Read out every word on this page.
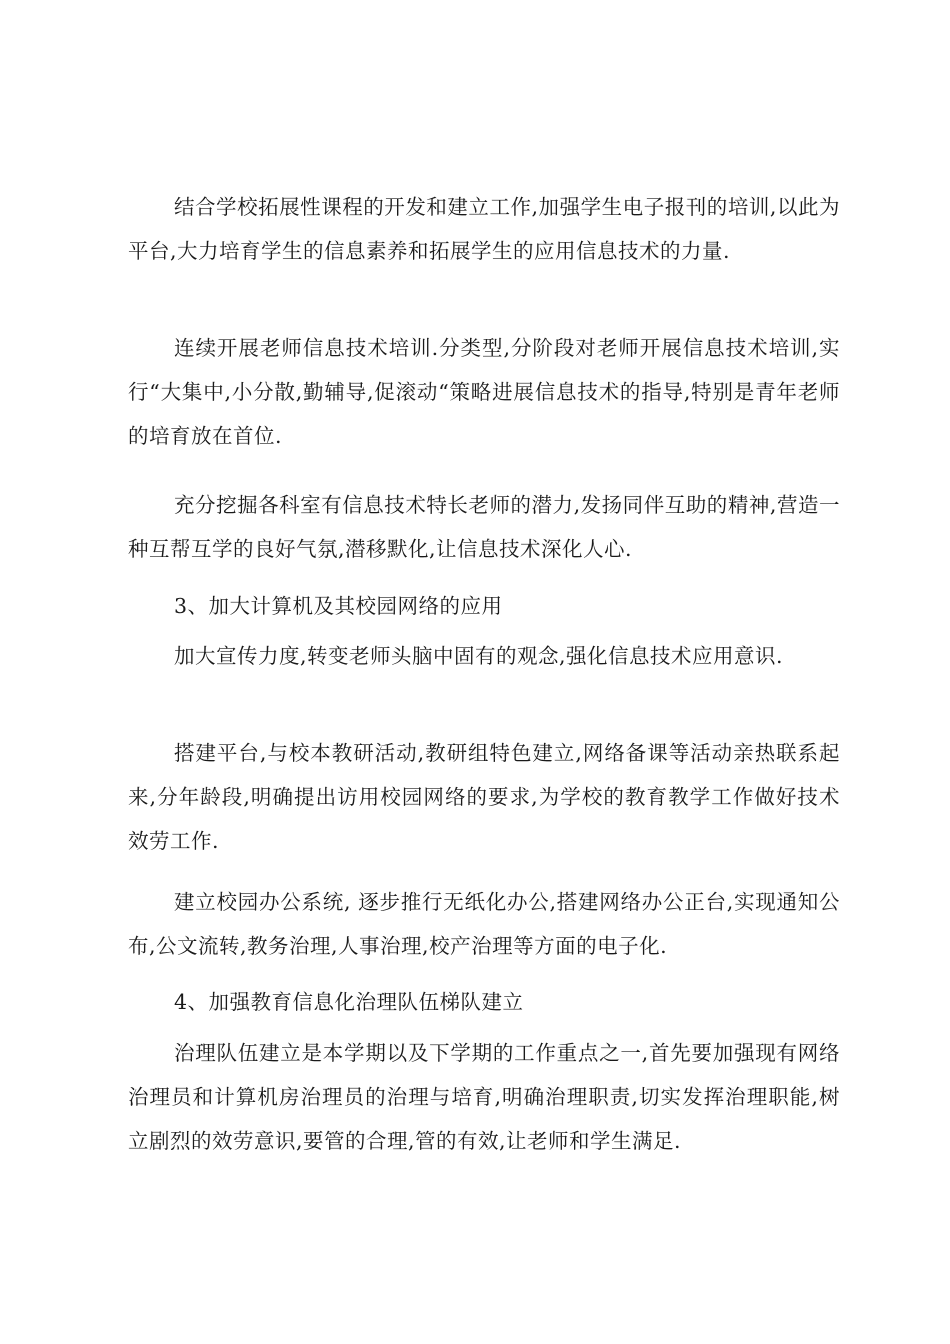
结合学校拓展性课程的开发和建立工作,加强学生电子报刊的培训,以此为平台,大力培育学生的信息素养和拓展学生的应用信息技术的力量.

连续开展老师信息技术培训.分类型,分阶段对老师开展信息技术培训,实行“大集中,小分散,勤辅导,促滚动“策略进展信息技术的指导,特别是青年老师的培育放在首位.

充分挖掘各科室有信息技术特长老师的潜力,发扬同伴互助的精神,营造一种互帮互学的良好气氛,潜移默化,让信息技术深化人心.

3、加大计算机及其校园网络的应用

加大宣传力度,转变老师头脑中固有的观念,强化信息技术应用意识.

搭建平台,与校本教研活动,教研组特色建立,网络备课等活动亲热联系起来,分年龄段,明确提出访用校园网络的要求,为学校的教育教学工作做好技术效劳工作.

建立校园办公系统, 逐步推行无纸化办公,搭建网络办公正台,实现通知公布,公文流转,教务治理,人事治理,校产治理等方面的电子化.

4、加强教育信息化治理队伍梯队建立

治理队伍建立是本学期以及下学期的工作重点之一,首先要加强现有网络治理员和计算机房治理员的治理与培育,明确治理职责,切实发挥治理职能,树立剧烈的效劳意识,要管的合理,管的有效,让老师和学生满足.
